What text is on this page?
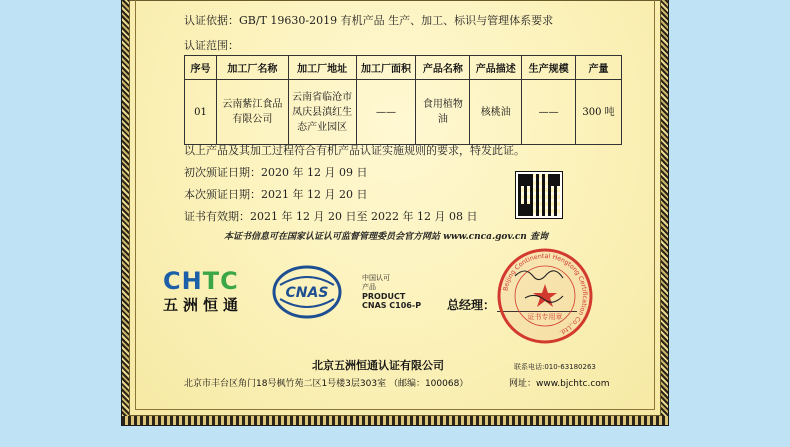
认证依据：GB/T 19630-2019 有机产品 生产、加工、标识与管理体系要求
认证范围：
序号	加工厂名称	加工厂地址	加工厂面积	产品名称	产品描述	生产规模	产量
01	云南紫江食品有限公司	云南省临沧市凤庆县滇红生态产业园区	——	食用植物油	核桃油	——	300 吨
以上产品及其加工过程符合有机产品认证实施规则的要求，特发此证。
初次颁证日期：2020 年 12 月 09 日
本次颁证日期：2021 年 12 月 20 日
证书有效期：2021 年 12 月 20 日至 2022 年 12 月 08 日
本证书信息可在国家认证认可监督管理委员会官方网站 www.cnca.gov.cn 查询
CHTC
五洲恒通
CNAS
中国认可
产品
PRODUCT
CNAS C106-P 总经理：
Beijing Continental Hengtong Certification Co.,Ltd.
证书专用章
北京五洲恒通认证有限公司	联系电话:010-63180263
北京市丰台区角门18号枫竹苑二区1号楼3层303室 （邮编：100068）	网址：www.bjchtc.com
